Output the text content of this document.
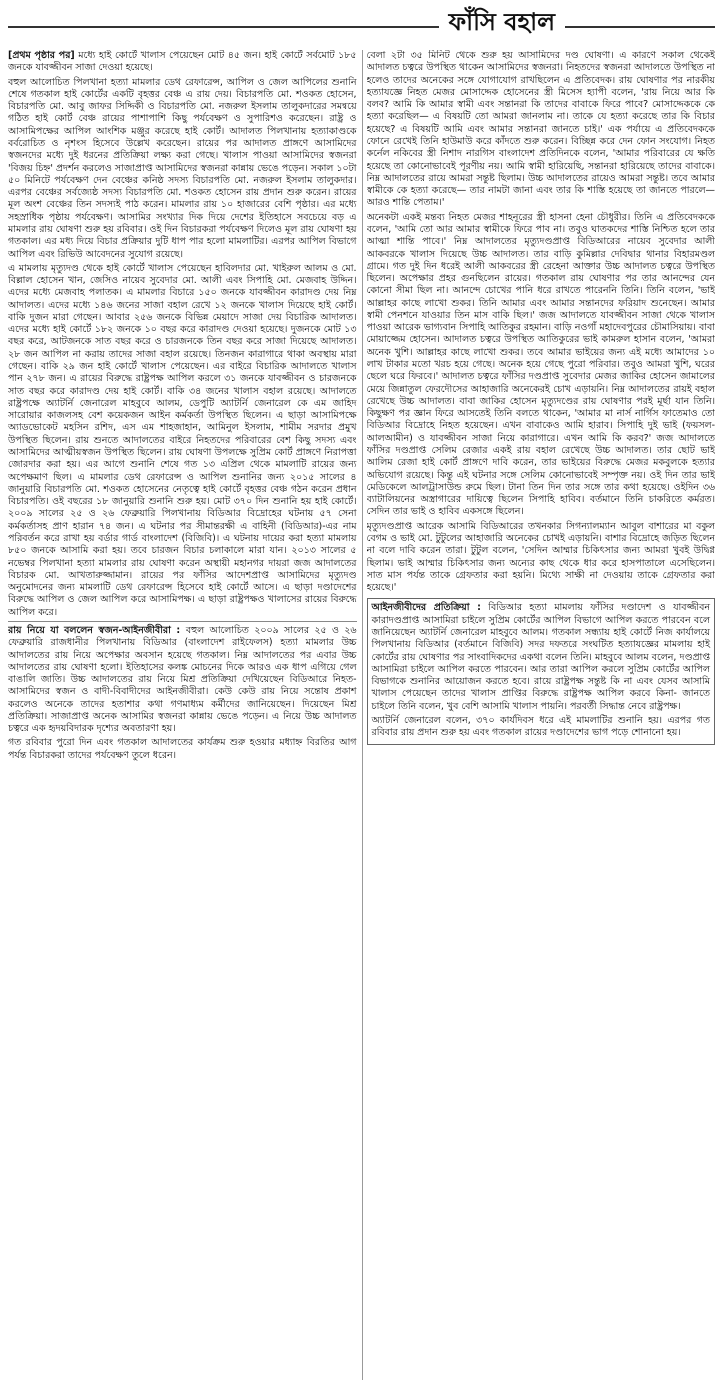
ফাঁসি বহাল

[প্রথম পৃষ্ঠার পর] মধ্যে হাই কোর্টে খালাস পেয়েছেন মোট ৪৫ জন। হাই কোর্টে সর্বমোট ১৮৫ জনকে যাবজ্জীবন সাজা দেওয়া হয়েছে।

বহুল আলোচিত পিলখানা হত্যা মামলার ডেথ রেফারেন্স, আপিল ও জেল আপিলের শুনানি শেষে গতকাল হাই কোর্টের একটি বৃহত্তর বেঞ্চ এ রায় দেয়। বিচারপতি মো. শওকত হোসেন, বিচারপতি মো. আবু জাফর সিদ্দিকী ও বিচারপতি মো. নজরুল ইসলাম তালুকদারের সমন্বয়ে গঠিত হাই কোর্ট বেঞ্চ রায়ের পাশাপাশি কিছু পর্যবেক্ষণ ও সুপারিশও করেছেন। রাষ্ট্র ও আসামিপক্ষের আপিল আংশিক মঞ্জুর করেছে হাই কোর্ট। আদালত পিলখানায় হত্যাকাণ্ডকে বর্বরোচিত ও নৃশংস হিসেবে উল্লেখ করেছেন। রায়ের পর আদালত প্রাঙ্গণে আসামিদের স্বজনদের মধ্যে দুই ধরনের প্রতিক্রিয়া লক্ষ্য করা গেছে। খালাস পাওয়া আসামিদের স্বজনরা 'বিজয় চিহ্ন' প্রদর্শন করলেও সাজাপ্রাপ্ত আসামিদের স্বজনরা কান্নায় ভেঙে পড়েন। সকাল ১০টা ৫০ মিনিটে পর্যবেক্ষণ দেন বেঞ্চের কনিষ্ঠ সদস্য বিচারপতি মো. নজরুল ইসলাম তালুকদার। এরপর বেঞ্চের সর্বজ্যেষ্ঠ সদস্য বিচারপতি মো. শওকত হোসেন রায় প্রদান শুরু করেন। রায়ের মূল অংশ বেঞ্চের তিন সদস্যই পাঠ করেন। মামলার রায় ১০ হাজারের বেশি পৃষ্ঠার। এর মধ্যে সহস্রাধিক পৃষ্ঠায় পর্যবেক্ষণ। আসামির সংখ্যার দিক দিয়ে দেশের ইতিহাসে সবচেয়ে বড় এ মামলার রায় ঘোষণা শুরু হয় রবিবার। ওই দিন বিচারকরা পর্যবেক্ষণ দিলেও মূল রায় ঘোষণা হয় গতকাল। এর মধ্য দিয়ে বিচার প্রক্রিয়ার দুটি ধাপ পার হলো মামলাটির। এরপর আপিল বিভাগে আপিল এবং রিভিউ আবেদনের সুযোগ রয়েছে।

এ মামলায় মৃত্যুদণ্ড থেকে হাই কোর্টে খালাস পেয়েছেন হাবিলদার মো. খাইরুল আলম ও মো. বিল্লাল হোসেন খান, জেসিও নায়েব সুবেদার মো. আলী এবং সিপাহি মো. মেজবাহ উদ্দিন। এদের মধ্যে মেজবাহ পলাতক। এ মামলার বিচারে ১৫০ জনকে যাবজ্জীবন কারাদণ্ড দেয় নিম্ন আদালত। এদের মধ্যে ১৪৬ জনের সাজা বহাল রেখে ১২ জনকে খালাস দিয়েছে হাই কোর্ট। বাকি দুজন মারা গেছেন। আবার ২৫৬ জনকে বিভিন্ন মেয়াদে সাজা দেয় বিচারিক আদালত। এদের মধ্যে হাই কোর্টে ১৮২ জনকে ১০ বছর করে কারাদণ্ড দেওয়া হয়েছে। দুজনকে মোট ১৩ বছর করে, আটজনকে সাত বছর করে ও চারজনকে তিন বছর করে সাজা দিয়েছে আদালত। ২৮ জন আপিল না করায় তাদের সাজা বহাল রয়েছে। তিনজন কারাগারে থাকা অবস্থায় মারা গেছেন। বাকি ২৯ জন হাই কোর্টে খালাস পেয়েছেন। এর বাইরে বিচারিক আদালতে খালাস পান ২৭৮ জন। এ রায়ের বিরুদ্ধে রাষ্ট্রপক্ষ আপিল করলে ৩১ জনকে যাবজ্জীবন ও চারজনকে সাত বছর করে কারাদণ্ড দেয় হাই কোর্ট। বাকি ৩৪ জনের খালাস বহাল রয়েছে। আদালতে রাষ্ট্রপক্ষে অ্যাটর্নি জেনারেল মাহবুবে আলম, ডেপুটি অ্যাটর্নি জেনারেল কে এম জাহিদ সারোয়ার কাজলসহ বেশ কয়েকজন আইন কর্মকর্তা উপস্থিত ছিলেন। এ ছাড়া আসামিপক্ষে অ্যাডভোকেট মহসিন রশিদ, এস এম শাহজাহান, আমিনুল ইসলাম, শামীম সরদার প্রমুখ উপস্থিত ছিলেন। রায় শুনতে আদালতের বাইরে নিহতদের পরিবারের বেশ কিছু সদস্য এবং আসামিদের আত্মীয়স্বজন উপস্থিত ছিলেন। রায় ঘোষণা উপলক্ষে সুপ্রিম কোর্ট প্রাঙ্গণে নিরাপত্তা জোরদার করা হয়। এর আগে শুনানি শেষে গত ১৩ এপ্রিল থেকে মামলাটি রায়ের জন্য অপেক্ষমাণ ছিল। এ মামলার ডেথ রেফারেন্স ও আপিল শুনানির জন্য ২০১৫ সালের ৪ জানুয়ারি বিচারপতি মো. শওকত হোসেনের নেতৃত্বে হাই কোর্টে বৃহত্তর বেঞ্চ গঠন করেন প্রধান বিচারপতি। ওই বছরের ১৮ জানুয়ারি শুনানি শুরু হয়। মোট ৩৭০ দিন শুনানি হয় হাই কোর্টে। ২০০৯ সালের ২৫ ও ২৬ ফেব্রুয়ারি পিলখানায় বিডিআর বিদ্রোহের ঘটনায় ৫৭ সেনা কর্মকর্তাসহ প্রাণ হারান ৭৪ জন। এ ঘটনার পর সীমান্তরক্ষী এ বাহিনী (বিডিআর)-এর নাম পরিবর্তন করে রাখা হয় বর্ডার গার্ড বাংলাদেশ (বিজিবি)। এ ঘটনায় দায়ের করা হত্যা মামলায় ৮৫০ জনকে আসামি করা হয়। তবে চারজন বিচার চলাকালে মারা যান। ২০১৩ সালের ৫ নভেম্বর পিলখানা হত্যা মামলার রায় ঘোষণা করেন অস্থায়ী মহানগর দায়রা জজ আদালতের বিচারক মো. আখতারুজ্জামান। রায়ের পর ফাঁসির আদেশপ্রাপ্ত আসামিদের মৃত্যুদণ্ড অনুমোদনের জন্য মামলাটি ডেথ রেফারেন্স হিসেবে হাই কোর্টে আসে। এ ছাড়া দণ্ডাদেশের বিরুদ্ধে আপিল ও জেল আপিল করে আসামিপক্ষ। এ ছাড়া রাষ্ট্রপক্ষও খালাসের রায়ের বিরুদ্ধে আপিল করে।

রায় নিয়ে যা বললেন স্বজন-আইনজীবীরা : বহুল আলোচিত ২০০৯ সালের ২৫ ও ২৬ ফেব্রুয়ারি রাজধানীর পিলখানায় বিডিআর (বাংলাদেশ রাইফেলস) হত্যা মামলার উচ্চ আদালতের রায় নিয়ে অপেক্ষার অবসান হয়েছে গতকাল। নিম্ন আদালতের পর এবার উচ্চ আদালতের রায় ঘোষণা হলো। ইতিহাসের কলঙ্ক মোচনের দিকে আরও এক ধাপ এগিয়ে গেল বাঙালি জাতি। উচ্চ আদালতের রায় নিয়ে মিশ্র প্রতিক্রিয়া দেখিয়েছেন বিডিআরে নিহত-আসামিদের স্বজন ও বাদী-বিবাদীদের আইনজীবীরা। কেউ কেউ রায় নিয়ে সন্তোষ প্রকাশ করলেও অনেকে তাদের হতাশার কথা গণমাধ্যম কর্মীদের জানিয়েছেন। দিয়েছেন মিশ্র প্রতিক্রিয়া। সাজাপ্রাপ্ত অনেক আসামির স্বজনরা কান্নায় ভেঙে পড়েন। এ নিয়ে উচ্চ আদালত চত্বরে এক হৃদয়বিদারক দৃশ্যের অবতারণা হয়।

গত রবিবার পুরো দিন এবং গতকাল আদালতের কার্যক্রম শুরু হওয়ার মধ্যাহ্ন বিরতির আগ পর্যন্ত বিচারকরা তাদের পর্যবেক্ষণ তুলে ধরেন।

বেলা ২টা ৩৫ মিনিট থেকে শুরু হয় আসামিদের দণ্ড ঘোষণা। এ কারণে সকাল থেকেই আদালত চত্বরে উপস্থিত থাকেন আসামিদের স্বজনরা। নিহতদের স্বজনরা আদালতে উপস্থিত না হলেও তাদের অনেকের সঙ্গে যোগাযোগ রাখছিলেন এ প্রতিবেদক। রায় ঘোষণার পর নারকীয় হত্যাযজ্ঞে নিহত মেজর মোসাদ্দেক হোসেনের স্ত্রী মিসেস হ্যাপী বলেন, 'রায় নিয়ে আর কি বলব? আমি কি আমার স্বামী এবং সন্তানরা কি তাদের বাবাকে ফিরে পাবে? মোসাদ্দেককে কে হত্যা করেছিল— এ বিষয়টি তো আমরা জানলাম না। তাকে যে হত্যা করেছে তার কি বিচার হয়েছে? এ বিষয়টি আমি এবং আমার সন্তানরা জানতে চাই।' এক পর্যায়ে এ প্রতিবেদককে ফোনে রেখেই তিনি হাউমাউ করে কাঁদতে শুরু করেন। বিচ্ছিন্ন করে দেন ফোন সংযোগ। নিহত কর্নেল নকিবের স্ত্রী নিশাদ নারগিস বাংলাদেশ প্রতিদিনকে বলেন, 'আমার পরিবারের যে ক্ষতি হয়েছে তা কোনোভাবেই পূরণীয় নয়। আমি স্বামী হারিয়েছি, সন্তানরা হারিয়েছে তাদের বাবাকে। নিম্ন আদালতের রায়ে আমরা সন্তুষ্ট ছিলাম। উচ্চ আদালতের রায়েও আমরা সন্তুষ্ট। তবে আমার স্বামীকে কে হত্যা করেছে— তার নামটা জানা এবং তার কি শাস্তি হয়েছে তা জানতে পারলে— আরও শান্তি পেতাম।'

অনেকটা একই মন্তব্য নিহত মেজর শাহনূরের স্ত্রী হাসনা হেনা চৌধুরীর। তিনি এ প্রতিবেদককে বলেন, 'আমি তো আর আমার স্বামীকে ফিরে পাব না। তবুও ঘাতকদের শাস্তি নিশ্চিত হলে তার আত্মা শান্তি পাবে।' নিম্ন আদালতের মৃত্যুদণ্ডপ্রাপ্ত বিডিআরের নায়েব সুবেদার আলী আকবরকে খালাস দিয়েছে উচ্চ আদালত। তার বাড়ি কুমিল্লার দেবিদ্বার থানার বিহারমণ্ডল গ্রামে। গত দুই দিন ধরেই আলী আকবরের স্ত্রী রেহেনা আক্তার উচ্চ আদালত চত্বরে উপস্থিত ছিলেন। অপেক্ষার প্রহর গুনছিলেন রায়ের। গতকাল রায় ঘোষণার পর তার আনন্দের যেন কোনো সীমা ছিল না। আনন্দে চোখের পানি ধরে রাখতে পারেননি তিনি। তিনি বলেন, 'ভাই আল্লাহর কাছে লাখো শুকর। তিনি আমার এবং আমার সন্তানদের ফরিয়াদ শুনেছেন। আমার স্বামী পেনশনে যাওয়ার তিন মাস বাকি ছিল।' জজ আদালতে যাবজ্জীবন সাজা থেকে খালাস পাওয়া আরেক ভাগ্যবান সিপাহি আতিকুর রহমান। বাড়ি নওগাঁ মহাদেবপুরের চৌমাসিয়ায়। বাবা মোয়াজ্জেম হোসেন। আদালত চত্বরে উপস্থিত আতিকুরের ভাই কামরুল হাসান বলেন, 'আমরা অনেক খুশি। আল্লাহর কাছে লাখো শুকর। তবে আমার ভাইয়ের জন্য এই মধ্যে আমাদের ১০ লাখ টাকার মতো খরচ হয়ে গেছে। অনেক হয়ে গেছে পুরো পরিবার। তবুও আমরা খুশি, ঘরের ছেলে ঘরে ফিরবে।' আদালত চত্বরে ফাঁসির দণ্ডপ্রাপ্ত সুবেদার মেজর জাকির হোসেন জামালের মেয়ে জিন্নাতুল ফেরদৌসের আহাজারি অনেকেরই চোখ এড়ায়নি। নিম্ন আদালতের রায়ই বহাল রেখেছে উচ্চ আদালত। বাবা জাকির হোসেন মৃত্যুদণ্ডের রায় ঘোষণার পরই মূর্ছা যান তিনি। কিছুক্ষণ পর জ্ঞান ফিরে আসতেই তিনি বলতে থাকেন, 'আমার মা নার্স নার্গিস ফাতেমাও তো বিডিআর বিদ্রোহে নিহত হয়েছেন। এখন বাবাকেও আমি হারাব। সিপাহি দুই ভাই (ফয়সল-আলআমীন) ও যাবজ্জীবন সাজা নিয়ে কারাগারে। এখন আমি কি করব?' জজ আদালতে ফাঁসির দণ্ডপ্রাপ্ত সেলিম রেজার একই রায় বহাল রেখেছে উচ্চ আদালত। তার ছোট ভাই আলিম রেজা হাই কোর্ট প্রাঙ্গণে দাবি করেন, তার ভাইয়ের বিরুদ্ধে মেজর মকবুলকে হত্যার অভিযোগ রয়েছে। কিন্তু এই ঘটনার সঙ্গে সেলিম কোনোভাবেই সম্পৃক্ত নয়। ওই দিন তার ভাই মেডিকেলে আলট্রাসাউন্ড রুমে ছিল। টানা তিন দিন তার সঙ্গে তার কথা হয়েছে। ওইদিন ৩৬ ব্যাটালিয়নের অস্ত্রাগারের দায়িত্বে ছিলেন সিপাহি হাবিব। বর্তমানে তিনি চাকরিতে কর্মরত। সেদিন তার ভাই ও হাবিব একসঙ্গে ছিলেন।

মৃত্যুদণ্ডপ্রাপ্ত আরেক আসামি বিডিআরের তখনকার সিগন্যালম্যান আবুল বাশারের মা বকুল বেগম ও ভাই মো. টুটুলের আহাজারি অনেকের চোখই এড়ায়নি। বাশার বিদ্রোহে জড়িত ছিলেন না বলে দাবি করেন তারা। টুটুল বলেন, 'সেদিন আম্মার চিকিৎসার জন্য আমরা খুবই উদ্বিগ্ন ছিলাম। ভাই আম্মার চিকিৎসার জন্য অন্যের কাছ থেকে ধার করে হাসপাতালে এসেছিলেন। সাত মাস পর্যন্ত তাকে গ্রেফতার করা হয়নি। মিথ্যে সাক্ষী না দেওয়ায় তাকে গ্রেফতার করা হয়েছে।'

আইনজীবীদের প্রতিক্রিয়া : বিডিআর হত্যা মামলায় ফাঁসির দণ্ডাদেশ ও যাবজ্জীবন কারাদণ্ডপ্রাপ্ত আসামিরা চাইলে সুপ্রিম কোর্টের আপিল বিভাগে আপিল করতে পারবেন বলে জানিয়েছেন অ্যাটর্নি জেনারেল মাহবুবে আলম। গতকাল সন্ধ্যায় হাই কোর্টে নিজ কার্যালয়ে পিলখানায় বিডিআর (বর্তমানে বিজিবি) সদর দফতরে সংঘটিত হত্যাযজ্ঞের মামলায় হাই কোর্টের রায় ঘোষণার পর সাংবাদিকদের একথা বলেন তিনি। মাহবুবে আলম বলেন, দণ্ডপ্রাপ্ত আসামিরা চাইলে আপিল করতে পারবেন। আর তারা আপিল করলে সুপ্রিম কোর্টের আপিল বিভাগকে শুনানির আয়োজন করতে হবে। রায়ে রাষ্ট্রপক্ষ সন্তুষ্ট কি না এবং যেসব আসামি খালাস পেয়েছেন তাদের খালাস প্রাপ্তির বিরুদ্ধে রাষ্ট্রপক্ষ আপিল করবে কিনা- জানতে চাইলে তিনি বলেন, খুব বেশি আসামি খালাস পায়নি। পরবর্তী সিদ্ধান্ত নেবে রাষ্ট্রপক্ষ।

অ্যাটর্নি জেনারেল বলেন, ৩৭০ কার্যদিবস ধরে এই মামলাটির শুনানি হয়। এরপর গত রবিবার রায় প্রদান শুরু হয় এবং গতকাল রায়ের দণ্ডাদেশের ভাগ পড়ে শোনানো হয়।
